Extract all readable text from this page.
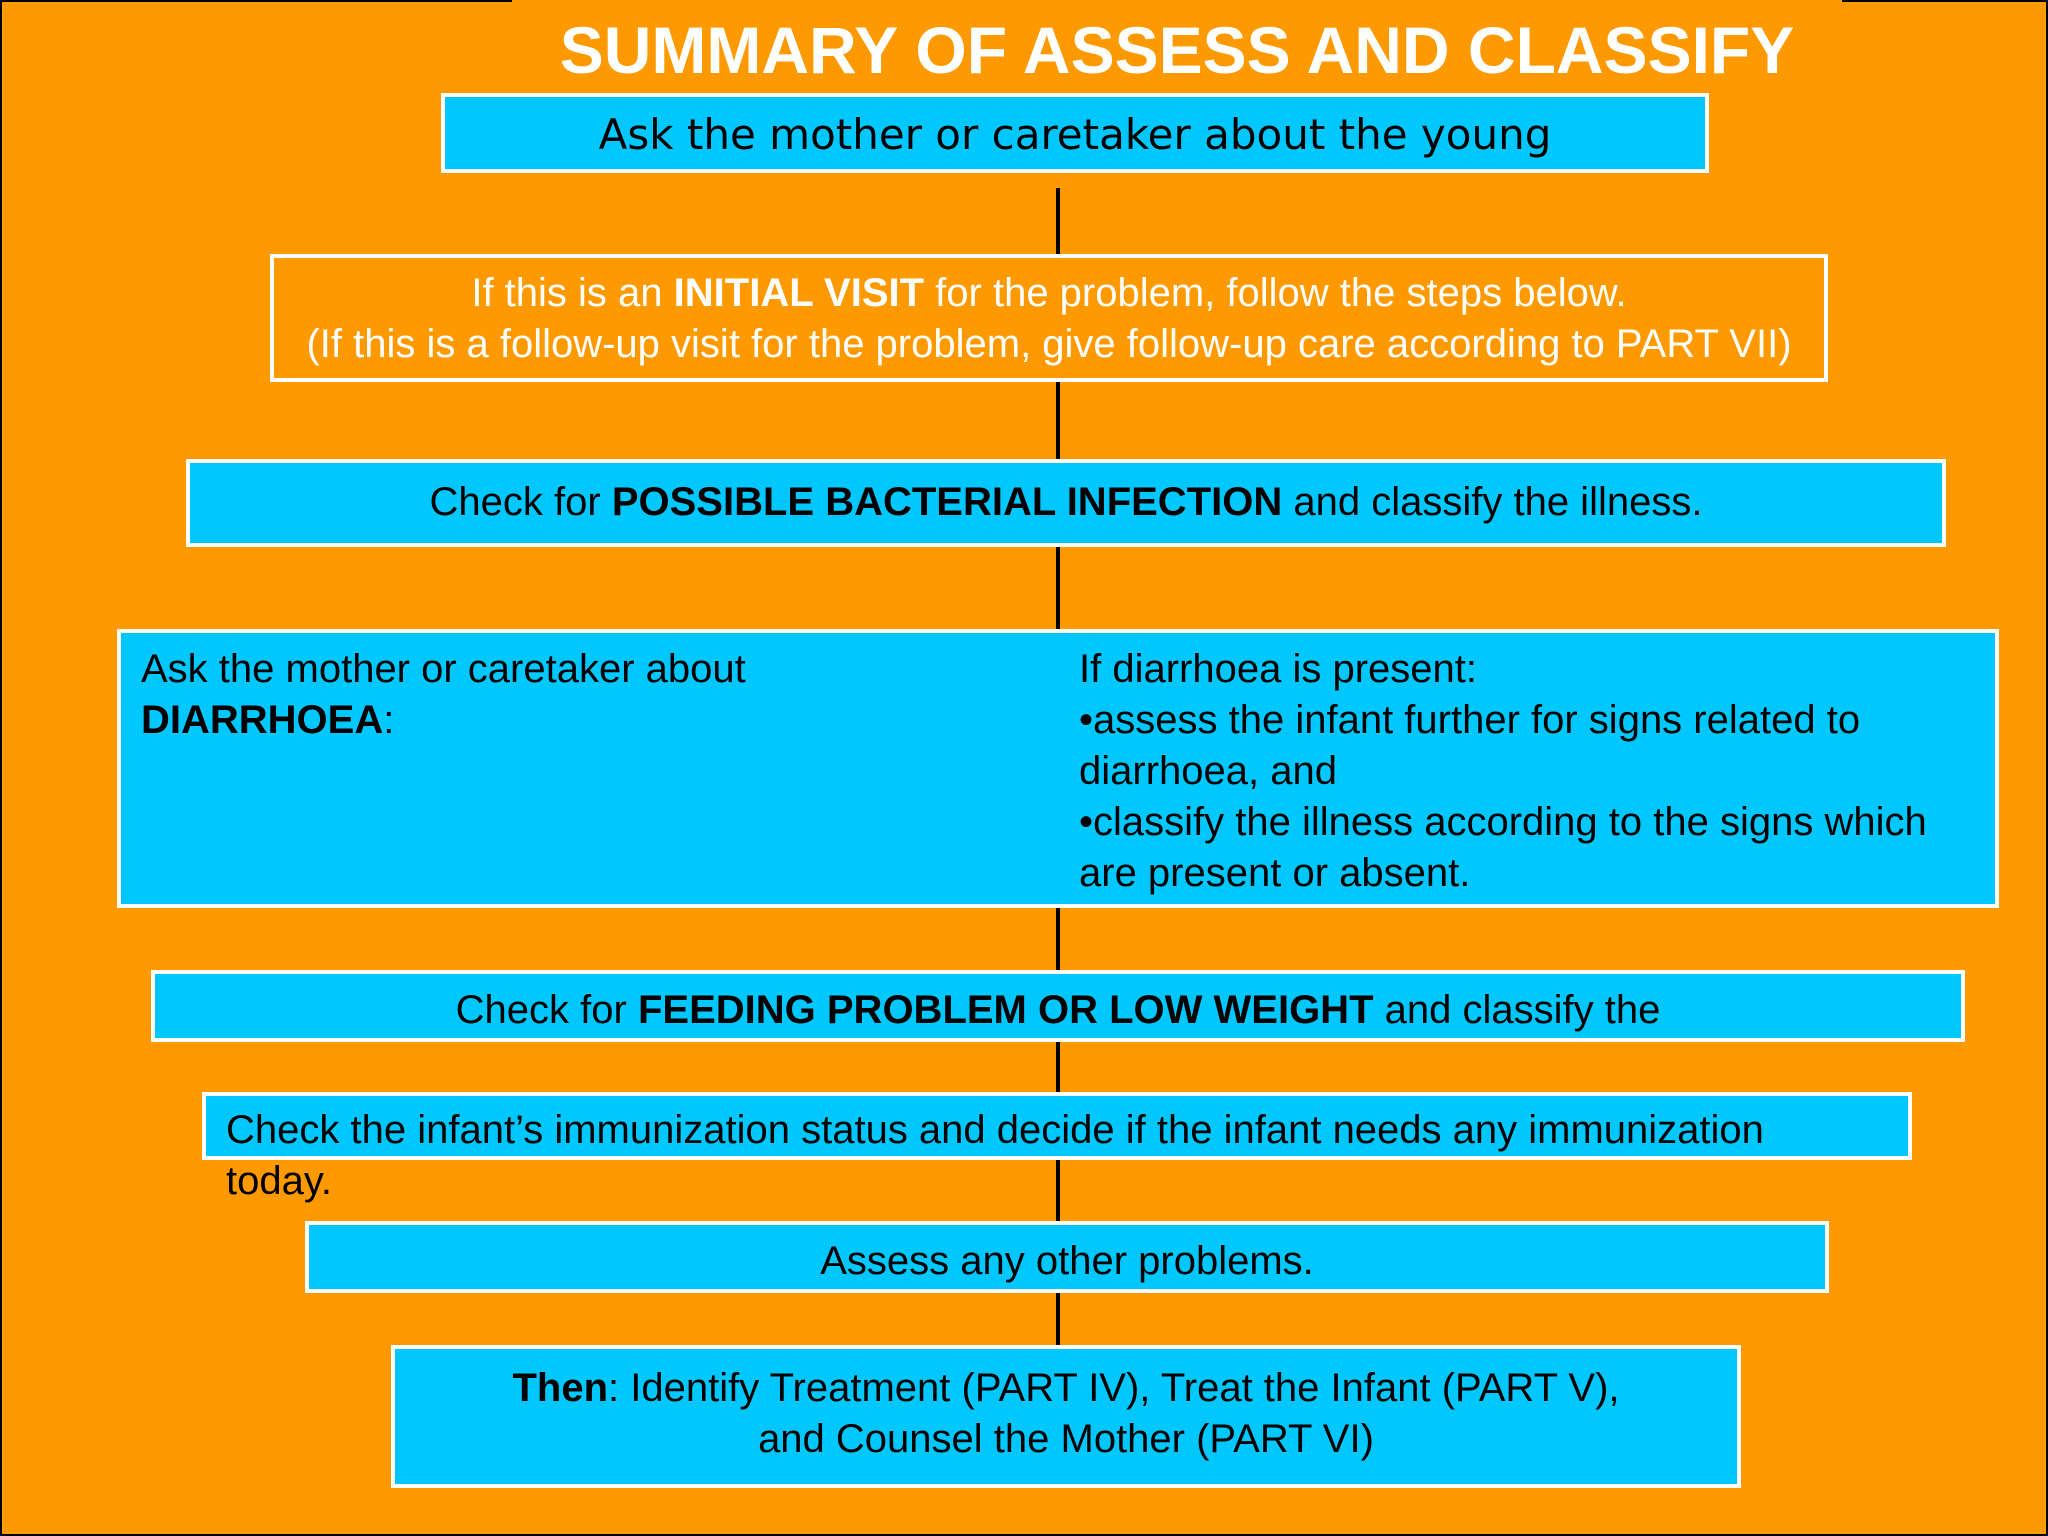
SUMMARY OF ASSESS AND CLASSIFY
Ask the mother or caretaker about the young
If this is an INITIAL VISIT for the problem, follow the steps below.
(If this is a follow-up visit for the problem, give follow-up care according to PART VII)
Check for POSSIBLE BACTERIAL INFECTION and classify the illness.
Ask the mother or caretaker about
DIARRHOEA:
If diarrhoea is present:
•assess the infant further for signs related to diarrhoea, and
•classify the illness according to the signs which are present or absent.
Check for FEEDING PROBLEM OR LOW WEIGHT and classify the
Check the infant’s immunization status and decide if the infant needs any immunization today.
Assess any other problems.
Then: Identify Treatment (PART IV), Treat the Infant (PART V),
and Counsel the Mother (PART VI)
